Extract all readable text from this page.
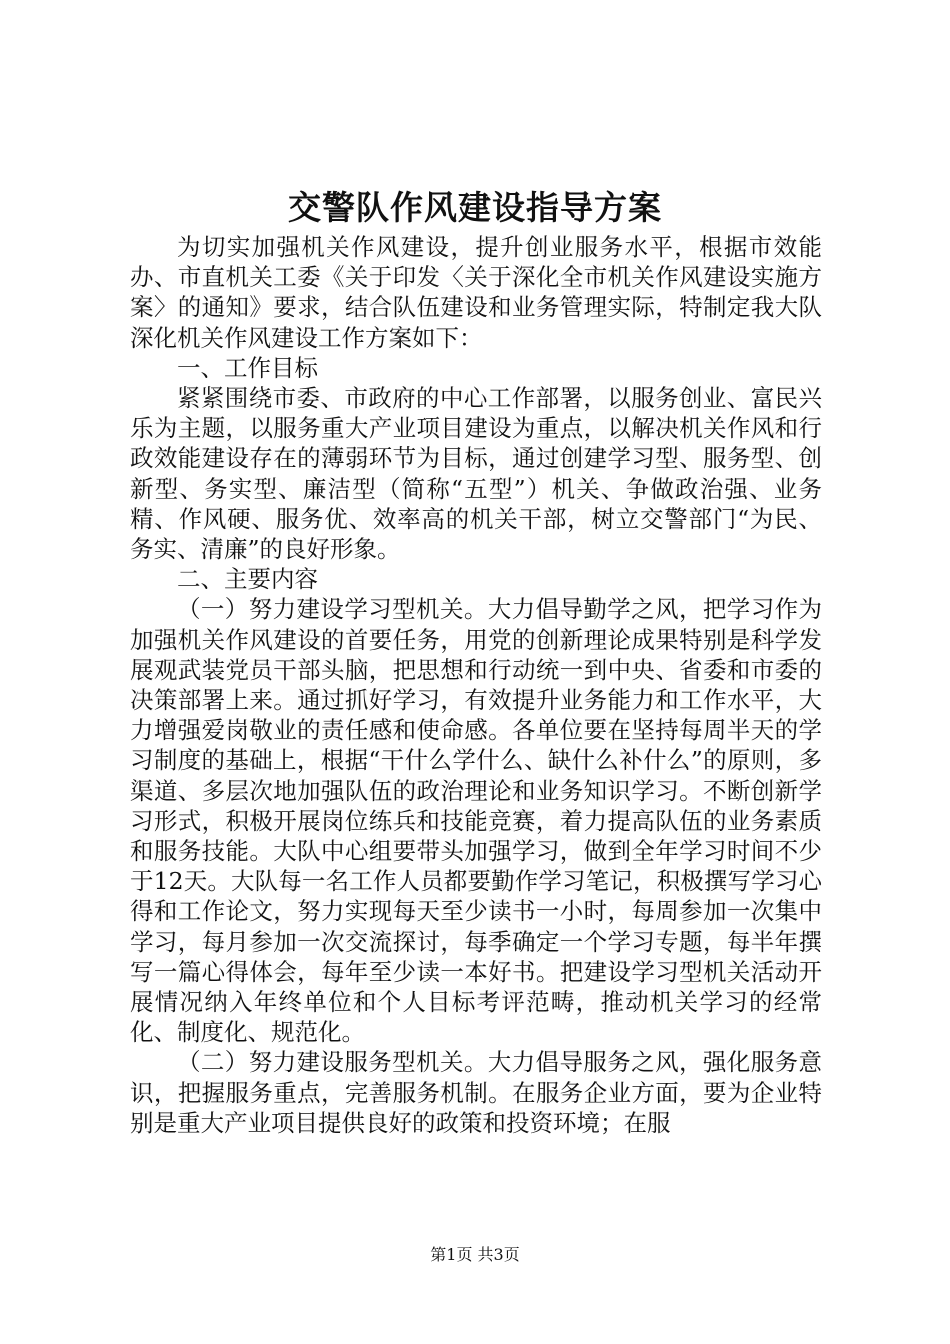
交警队作风建设指导方案

为切实加强机关作风建设，提升创业服务水平，根据市效能办、市直机关工委《关于印发〈关于深化全市机关作风建设实施方案〉的通知》要求，结合队伍建设和业务管理实际，特制定我大队深化机关作风建设工作方案如下：

一、工作目标

紧紧围绕市委、市政府的中心工作部署，以服务创业、富民兴乐为主题，以服务重大产业项目建设为重点，以解决机关作风和行政效能建设存在的薄弱环节为目标，通过创建学习型、服务型、创新型、务实型、廉洁型（简称“五型”）机关、争做政治强、业务精、作风硬、服务优、效率高的机关干部，树立交警部门“为民、务实、清廉”的良好形象。

二、主要内容

（一）努力建设学习型机关。大力倡导勤学之风，把学习作为加强机关作风建设的首要任务，用党的创新理论成果特别是科学发展观武装党员干部头脑，把思想和行动统一到中央、省委和市委的决策部署上来。通过抓好学习，有效提升业务能力和工作水平，大力增强爱岗敬业的责任感和使命感。各单位要在坚持每周半天的学习制度的基础上，根据“干什么学什么、缺什么补什么”的原则，多渠道、多层次地加强队伍的政治理论和业务知识学习。不断创新学习形式，积极开展岗位练兵和技能竞赛，着力提高队伍的业务素质和服务技能。大队中心组要带头加强学习，做到全年学习时间不少于12天。大队每一名工作人员都要勤作学习笔记，积极撰写学习心得和工作论文，努力实现每天至少读书一小时，每周参加一次集中学习，每月参加一次交流探讨，每季确定一个学习专题，每半年撰写一篇心得体会，每年至少读一本好书。把建设学习型机关活动开展情况纳入年终单位和个人目标考评范畴，推动机关学习的经常化、制度化、规范化。

（二）努力建设服务型机关。大力倡导服务之风，强化服务意识，把握服务重点，完善服务机制。在服务企业方面，要为企业特别是重大产业项目提供良好的政策和投资环境；在服

第1页 共3页
